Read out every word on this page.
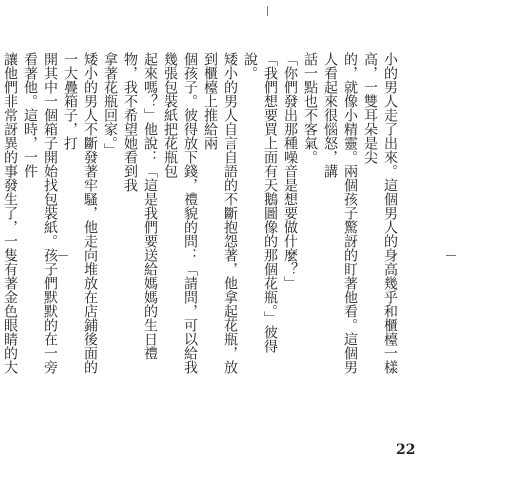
小的男人走了出來。這個男人的身高幾乎和櫃檯一樣高，一雙耳朵是尖
的，就像小精靈。兩個孩子驚訝的盯著他看。這個男人看起來很惱怒，講
話一點也不客氣。
「你們發出那種噪音是想要做什麼？」
「我們想要買上面有天鵝圖像的那個花瓶。」彼得說。
矮小的男人自言自語的不斷抱怨著，他拿起花瓶，放到櫃檯上推給兩
個孩子。彼得放下錢，禮貌的問：「請問，可以給我幾張包裝紙把花瓶包
起來嗎？」他說：「這是我們要送給媽媽的生日禮物，我不希望她看到我
拿著花瓶回家。」
矮小的男人不斷發著牢騷，他走向堆放在店鋪後面的一大疊箱子，打
開其中一個箱子開始找包裝紙。孩子們默默的在一旁看著他。這時，一件
讓他們非常訝異的事發生了，一隻有著金色眼睛的大
22
